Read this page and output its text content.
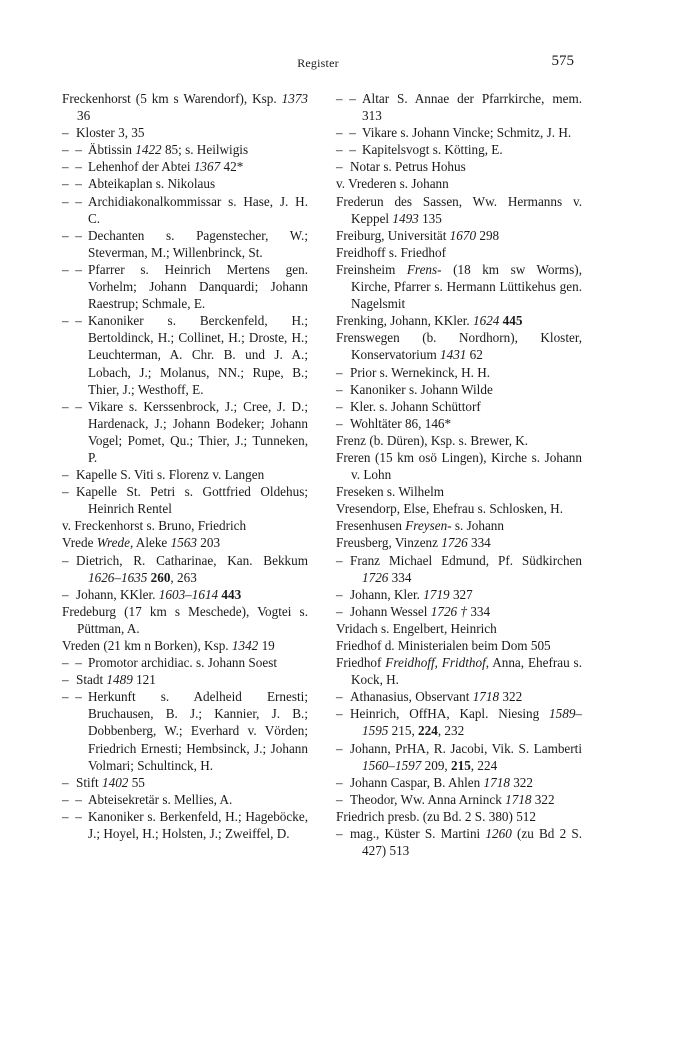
Register	575
Freckenhorst (5 km s Warendorf), Ksp. 1373 36
– Kloster 3, 35
–  – Äbtissin 1422 85; s. Heilwigis
–  – Lehenhof der Abtei 1367 42*
–  – Abteikaplan s. Nikolaus
–  – Archidiakonalkommissar s. Hase, J. H. C.
–  – Dechanten s. Pagenstecher, W.; Steverman, M.; Willenbrinck, St.
–  – Pfarrer s. Heinrich Mertens gen. Vorhelm; Johann Danquardi; Johann Raestrup; Schmale, E.
–  – Kanoniker s. Berckenfeld, H.; Bertoldinck, H.; Collinet, H.; Droste, H.; Leuchterman, A. Chr. B. und J. A.; Lobach, J.; Molanus, NN.; Rupe, B.; Thier, J.; Westhoff, E.
–  – Vikare s. Kerssenbrock, J.; Cree, J. D.; Hardenack, J.; Johann Bodeker; Johann Vogel; Pomet, Qu.; Thier, J.; Tunneken, P.
– Kapelle S. Viti s. Florenz v. Langen
– Kapelle St. Petri s. Gottfried Oldehus; Heinrich Rentel
v. Freckenhorst s. Bruno, Friedrich
Vrede Wrede, Aleke 1563 203
– Dietrich, R. Catharinae, Kan. Bekkum 1626–1635 260, 263
– Johann, KKler. 1603–1614 443
Fredeburg (17 km s Meschede), Vogtei s. Püttman, A.
Vreden (21 km n Borken), Ksp. 1342 19
–  – Promotor archidiac. s. Johann Soest
– Stadt 1489 121
–  – Herkunft s. Adelheid Ernesti; Bruchausen, B. J.; Kannier, J. B.; Dobbenberg, W.; Everhard v. Vörden; Friedrich Ernesti; Hembsinck, J.; Johann Volmari; Schultinck, H.
– Stift 1402 55
–  – Abteisekretär s. Mellies, A.
–  – Kanoniker s. Berkenfeld, H.; Hageböcke, J.; Hoyel, H.; Holsten, J.; Zweiffel, D.
–  – Altar S. Annae der Pfarrkirche, mem. 313
–  – Vikare s. Johann Vincke; Schmitz, J. H.
–  – Kapitelsvogt s. Kötting, E.
– Notar s. Petrus Hohus
v. Vrederen s. Johann
Frederun des Sassen, Ww. Hermanns v. Keppel 1493 135
Freiburg, Universität 1670 298
Freidhoff s. Friedhof
Freinsheim Frens- (18 km sw Worms), Kirche, Pfarrer s. Hermann Lüttikehus gen. Nagelsmit
Frenking, Johann, KKler. 1624 445
Frenswegen (b. Nordhorn), Kloster, Konservatorium 1431 62
– Prior s. Wernekinck, H. H.
– Kanoniker s. Johann Wilde
– Kler. s. Johann Schüttorf
– Wohltäter 86, 146*
Frenz (b. Düren), Ksp. s. Brewer, K.
Freren (15 km osö Lingen), Kirche s. Johann v. Lohn
Freseken s. Wilhelm
Vresendorp, Else, Ehefrau s. Schlosken, H.
Fresenhusen Freysen- s. Johann
Freusberg, Vinzenz 1726 334
– Franz Michael Edmund, Pf. Südkirchen 1726 334
– Johann, Kler. 1719 327
– Johann Wessel 1726 † 334
Vridach s. Engelbert, Heinrich
Friedhof d. Ministerialen beim Dom 505
Friedhof Freidhoff, Fridthof, Anna, Ehefrau s. Kock, H.
– Athanasius, Observant 1718 322
– Heinrich, OffHA, Kapl. Niesing 1589–1595 215, 224, 232
– Johann, PrHA, R. Jacobi, Vik. S. Lamberti 1560–1597 209, 215, 224
– Johann Caspar, B. Ahlen 1718 322
– Theodor, Ww. Anna Arninck 1718 322
Friedrich presb. (zu Bd. 2 S. 380) 512
– mag., Küster S. Martini 1260 (zu Bd 2 S. 427) 513
